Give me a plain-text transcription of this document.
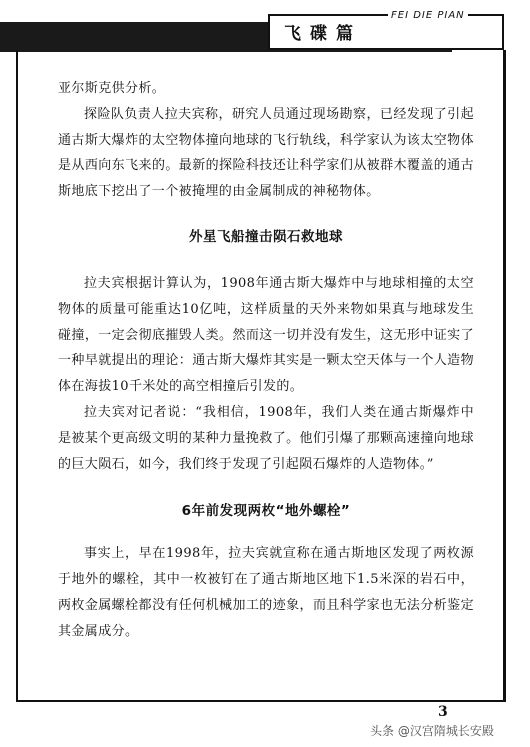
飞碟篇
FEI DIE PIAN

亚尔斯克供分析。

探险队负责人拉夫宾称，研究人员通过现场勘察，已经发现了引起通古斯大爆炸的太空物体撞向地球的飞行轨线，科学家认为该太空物体是从西向东飞来的。最新的探险科技还让科学家们从被群木覆盖的通古斯地底下挖出了一个被掩埋的由金属制成的神秘物体。

外星飞船撞击陨石救地球

拉夫宾根据计算认为，1908年通古斯大爆炸中与地球相撞的太空物体的质量可能重达10亿吨，这样质量的天外来物如果真与地球发生碰撞，一定会彻底摧毁人类。然而这一切并没有发生，这无形中证实了一种早就提出的理论：通古斯大爆炸其实是一颗太空天体与一个人造物体在海拔10千米处的高空相撞后引发的。

拉夫宾对记者说：“我相信，1908年，我们人类在通古斯爆炸中是被某个更高级文明的某种力量挽救了。他们引爆了那颗高速撞向地球的巨大陨石，如今，我们终于发现了引起陨石爆炸的人造物体。”

6年前发现两枚“地外螺栓”

事实上，早在1998年，拉夫宾就宣称在通古斯地区发现了两枚源于地外的螺栓，其中一枚被钉在了通古斯地区地下1.5米深的岩石中，两枚金属螺栓都没有任何机械加工的迹象，而且科学家也无法分析鉴定其金属成分。

3
头条 @汉宫隋城长安殿
